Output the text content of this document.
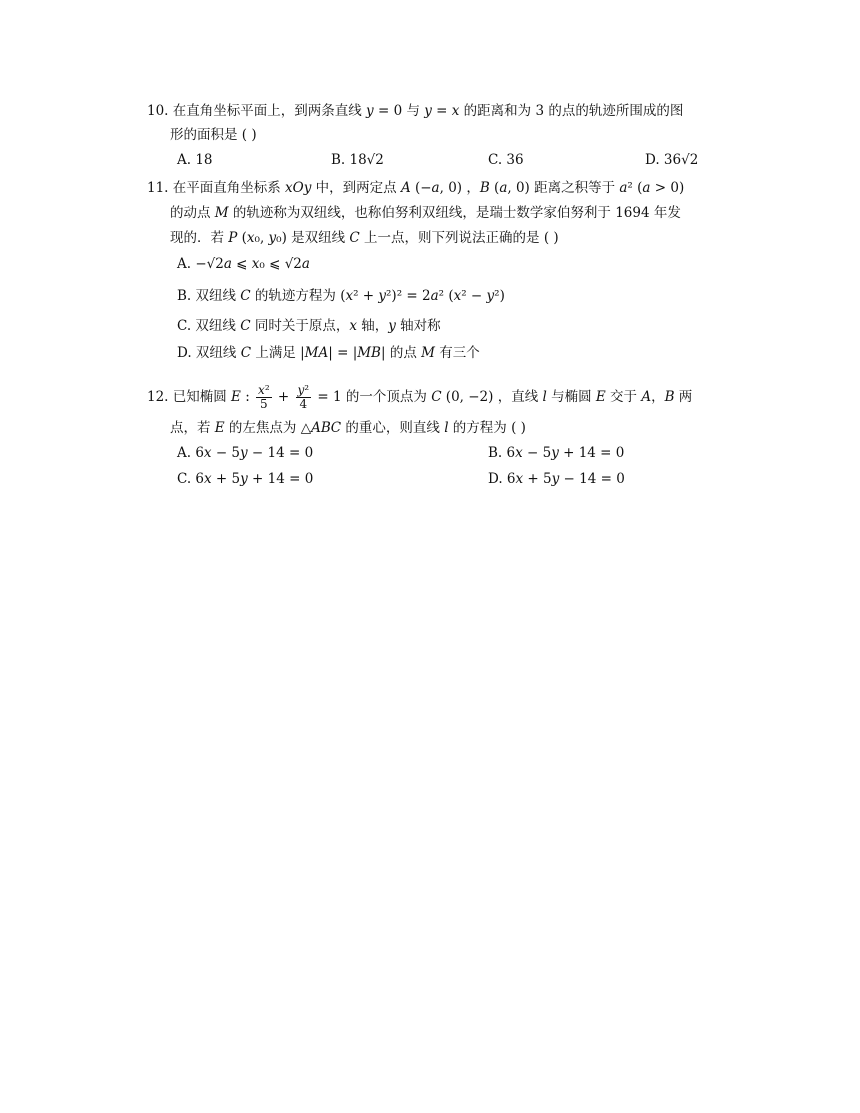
10. 在直角坐标平面上，到两条直线 𝑦 = 0 与 𝑦 = 𝑥 的距离和为 3 的点的轨迹所围成的图
形的面积是 ( )
A. 18	B. 18√2	C. 36	D. 36√2
11. 在平面直角坐标系 𝑥𝑂𝑦 中，到两定点 𝐴 (−𝑎, 0) ，𝐵 (𝑎, 0) 距离之积等于 𝑎² (𝑎 > 0)
的动点 𝑀 的轨迹称为双纽线，也称伯努利双纽线，是瑞士数学家伯努利于 1694 年发
现的．若 𝑃 (𝑥₀, 𝑦₀) 是双纽线 𝐶 上一点，则下列说法正确的是 ( )
A. −√2𝑎 ⩽ 𝑥₀ ⩽ √2𝑎
B. 双纽线 𝐶 的轨迹方程为 (𝑥² + 𝑦²)² = 2𝑎² (𝑥² − 𝑦²)
C. 双纽线 𝐶 同时关于原点，𝑥 轴，𝑦 轴对称
D. 双纽线 𝐶 上满足 |𝑀𝐴| = |𝑀𝐵| 的点 𝑀 有三个
12. 已知椭圆 𝐸 : $\frac{\text{𝑥²}}{5} + \frac{\text{𝑦²}}{4} = 1$ 的一个顶点为 𝐶 (0, −2) ，直线 𝑙 与椭圆 𝐸 交于 𝐴，𝐵 两
点，若 𝐸 的左焦点为 △𝐴𝐵𝐶 的重心，则直线 𝑙 的方程为 ( )
A. 6𝑥 − 5𝑦 − 14 = 0	B. 6𝑥 − 5𝑦 + 14 = 0
C. 6𝑥 + 5𝑦 + 14 = 0	D. 6𝑥 + 5𝑦 − 14 = 0
